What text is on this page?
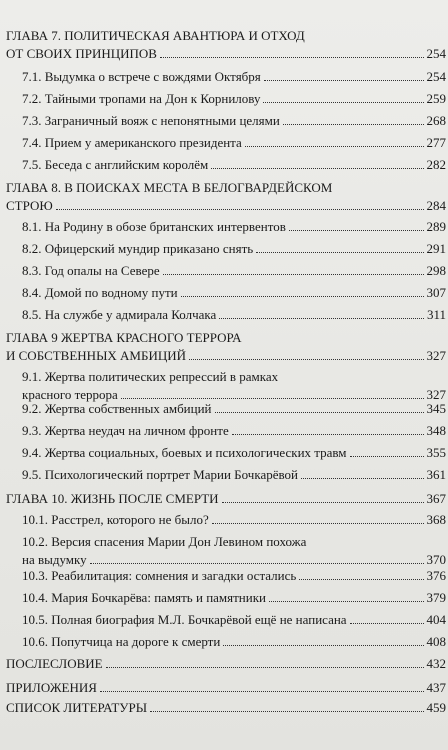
ГЛАВА 7. ПОЛИТИЧЕСКАЯ АВАНТЮРА И ОТХОД
ОТ СВОИХ ПРИНЦИПОВ	254
7.1. Выдумка о встрече с вождями Октября	254
7.2. Тайными тропами на Дон к Корнилову	259
7.3. Заграничный вояж с непонятными целями	268
7.4. Прием у американского президента	277
7.5. Беседа с английским королём	282
ГЛАВА 8. В ПОИСКАХ МЕСТА В БЕЛОГВАРДЕЙСКОМ
СТРОЮ	284
8.1. На Родину в обозе британских интервентов	289
8.2. Офицерский мундир приказано снять	291
8.3. Год опалы на Севере	298
8.4. Домой по водному пути	307
8.5. На службе у адмирала Колчака	311
ГЛАВА 9 ЖЕРТВА КРАСНОГО ТЕРРОРА
И СОБСТВЕННЫХ АМБИЦИЙ	327
9.1. Жертва политических репрессий в рамках
красного террора	327
9.2. Жертва собственных амбиций	345
9.3. Жертва неудач на личном фронте	348
9.4. Жертва социальных, боевых и психологических травм	355
9.5. Психологический портрет Марии Бочкарёвой	361
ГЛАВА 10. ЖИЗНЬ ПОСЛЕ СМЕРТИ	367
10.1. Расстрел, которого не было?	368
10.2. Версия спасения Марии Дон Левином похожа
на выдумку	370
10.3. Реабилитация: сомнения и загадки остались	376
10.4. Мария Бочкарёва: память и памятники	379
10.5. Полная биография М.Л. Бочкарёвой ещё не написана	404
10.6. Попутчица на дороге к смерти	408
ПОСЛЕСЛОВИЕ	432
ПРИЛОЖЕНИЯ	437
СПИСОК ЛИТЕРАТУРЫ	459
